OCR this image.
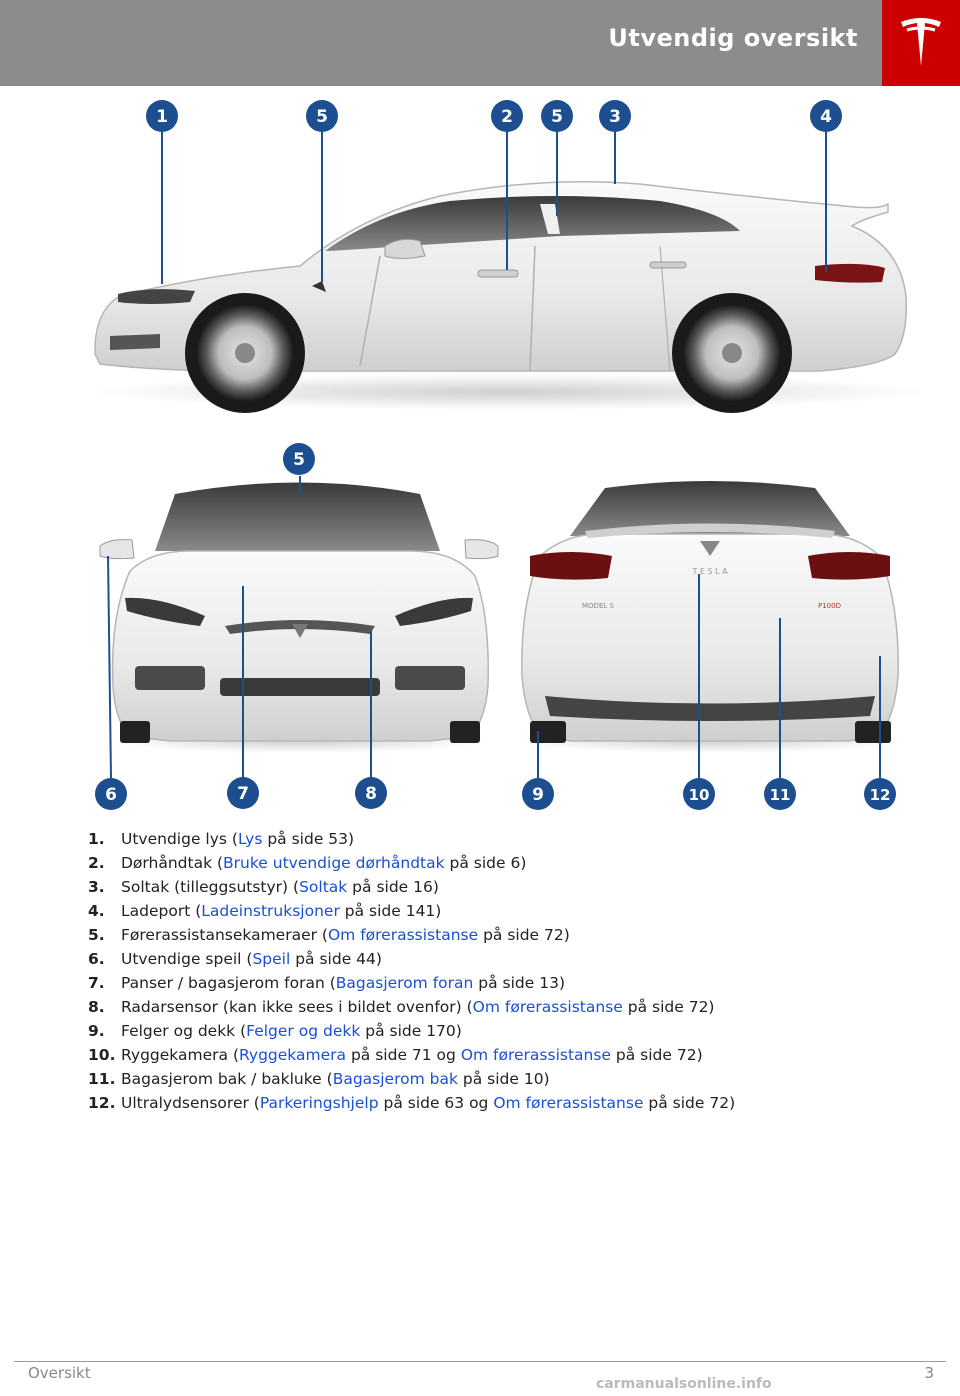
Utvendig oversikt
T E S L A
MODEL S	P100D
1	5	2 5	3	4
5
6	7	8	9	10	11	12
1. Utvendige lys (Lys på side 53)
2. Dørhåndtak (Bruke utvendige dørhåndtak på side 6)
3. Soltak (tilleggsutstyr) (Soltak på side 16)
4. Ladeport (Ladeinstruksjoner på side 141)
5. Førerassistansekameraer (Om førerassistanse på side 72)
6. Utvendige speil (Speil på side 44)
7. Panser / bagasjerom foran (Bagasjerom foran på side 13)
8. Radarsensor (kan ikke sees i bildet ovenfor) (Om førerassistanse på side 72)
9. Felger og dekk (Felger og dekk på side 170)
10. Ryggekamera (Ryggekamera på side 71 og Om førerassistanse på side 72)
11. Bagasjerom bak / bakluke (Bagasjerom bak på side 10)
12. Ultralydsensorer (Parkeringshjelp på side 63 og Om førerassistanse på side 72)
Oversikt	3
carmanualsonline.info
